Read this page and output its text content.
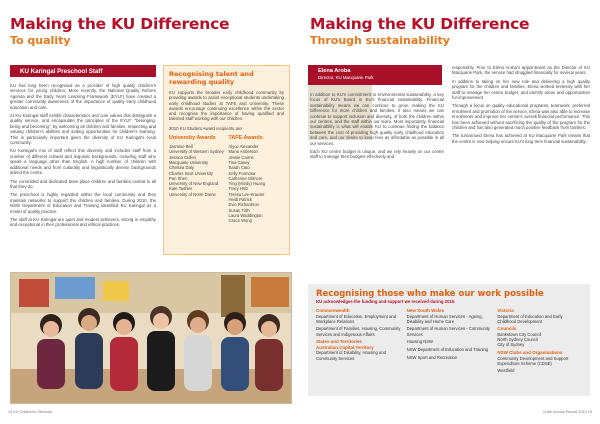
Making the KU Difference
To quality
KU Karingal Preschool Staff

KU has long been recognised as a provider of high quality children's services for young children. More recently, the National Quality Reform Agenda and the Early Years Learning Framework (EYLF) have created a greater community awareness of the importance of quality early childhood education and care.

At KU Karingal staff exhibit characteristics and core values that distinguish a quality service, and encapsulate the principles of the EYLF: "belonging, being and becoming", by welcoming all children and families, respecting and valuing children's abilities and setting opportunities for children's learning. This is particularly important given the diversity of KU Karingal's local community.

KU Karingal's mix of staff reflect this diversity and includes staff from a number of different cultural and linguistic backgrounds, including staff who speak a language other than English. A high number of children with additional needs and from culturally and linguistically diverse backgrounds attend the centre.

The committed and dedicated team place children and families central to all that they do.

The preschool is highly regarded within the local community and they maintain networks to support the children and families. During 2010, the NSW Department of Education and Training identified KU Karingal as a model of quality practice.

The staff at KU Karingal are quiet and modest achievers, strong in empathy and exceptional in their professional and ethical practices.

Recognising talent and rewarding quality
KU supports the broader early childhood community by providing awards to assist exceptional students undertaking early childhood studies at TAFE and University. These awards encourage continuing excellence within the sector and recognise the importance of having qualified and talented staff working with our children.
2010 KU Student Award recipients are:
University Awards
Jasmine Bell
University of Western Sydney
Jessica Cullen
Macquarie University
Chelsea Daly
Charles Sturt University
Pan Shen
University of New England
Kate Tashler
University of Notre Dame
TAFE Awards
Alyce Alexander
Marie Anderson
Jessie Cairns
Tina Casey
Sarah Cato
Kelly Formosa
Catherine Gilmore
Ying (Mindy) Huang
Tracy Hslz
Teresa Lee-Krauter
Heidi Patrick
Evie Richardson
Susan Tirth
Laura Waddington
Grace Wong
14 KU Children's Services
Making the KU Difference
Through sustainability
Elena Aroba
Director, KU Macquarie Park

In addition to KU's commitment to environmental sustainability, a key focus of KU's Board is KU's financial sustainability. Financial sustainability means we can continue to grow, making the KU Difference for more children and families. It also means we can continue to support inclusion and diversity, of both the children within our centres, and the staff within our team. Most importantly, financial sustainability is what will enable KU to continue finding the balance between the cost of providing high quality early childhood education and care, and our desire to keep fees as affordable as possible in all our services.

Each KU centre budget is unique, and we rely heavily on our centre staff to manage their budgets effectively and

responsibly. Prior to Elena Aroba's appointment as the Director of KU Macquarie Park, the service had struggled financially for several years.

In addition to taking on her new role and delivering a high quality program for the children and families, Elena worked tirelessly with her staff to manage her centre budget, and identify areas and opportunities for improvement.

Through a focus on quality educational programs, teamwork, preferred enrolment and promotion of the service, Elena was also able to increase enrolments and improve her centre's overall financial performance. This has been achieved without sacrificing the quality of the program for the children and has also generated much positive feedback from families.

The turnaround Elena has achieved at KU Macquarie Park means that the centre is now helping ensure KU's long term financial sustainability.

Recognising those who make our work possible
KU acknowledges the funding and support we received during 2010.
Commonwealth
Department of Education, Employment and Workplace Relations
Department of Families, Housing, Community Services and Indigenous Affairs
States and Territories
Australian Capital Territory
Department of Disability, Housing and Community Services
New South Wales
Department of Human Services - Ageing, Disability and Home Care
Department of Human Services - Community Services
Housing NSW
NSW Department of Education and Training
NSW Sport and Recreation
Victoria
Department of Education and Early Childhood Development
Councils
Bankstown City Council
North Sydney Council
City of Sydney
NSW Clubs and Organisations
Community Development and Support Expenditure Scheme (CDSE)
Westfield
115th Annual Report 2010 15
